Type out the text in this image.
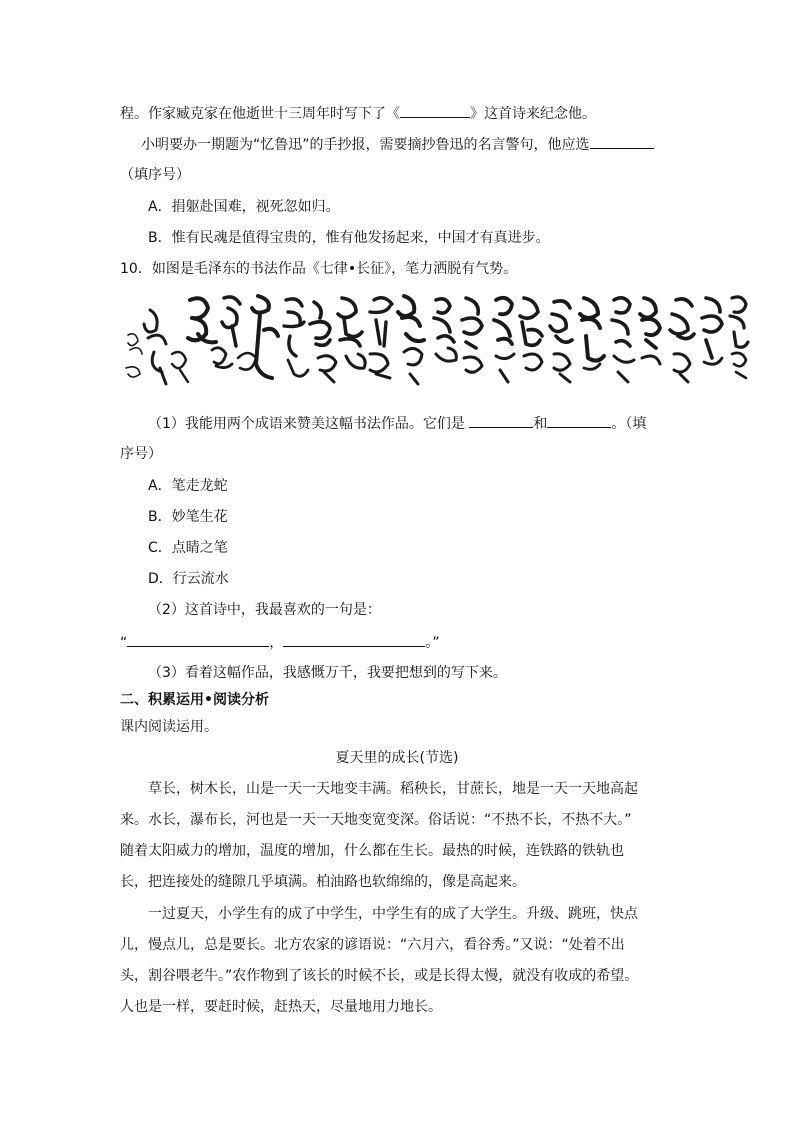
程。作家臧克家在他逝世十三周年时写下了《	》这首诗来纪念他。
小明要办一期题为“忆鲁迅”的手抄报，需要摘抄鲁迅的名言警句，他应选
（填序号）
A．捐躯赴国难，视死忽如归。
B．惟有民魂是值得宝贵的，惟有他发扬起来，中国才有真进步。
10．如图是毛泽东的书法作品《七律•长征》，笔力洒脱有气势。
（1）我能用两个成语来赞美这幅书法作品。它们是	和	。（填
序号）
A．笔走龙蛇
B．妙笔生花
C．点睛之笔
D．行云流水
（2）这首诗中，我最喜欢的一句是：
“	，	。”
（3）看着这幅作品，我感慨万千，我要把想到的写下来。
二、积累运用•阅读分析
课内阅读运用。
夏天里的成长(节选)
草长，树木长，山是一天一天地变丰满。稻秧长，甘蔗长，地是一天一天地高起
来。水长，瀑布长，河也是一天一天地变宽变深。俗话说：“不热不长，不热不大。”
随着太阳威力的增加，温度的增加，什么都在生长。最热的时候，连铁路的铁轨也
长，把连接处的缝隙几乎填满。柏油路也软绵绵的，像是高起来。
一过夏天，小学生有的成了中学生，中学生有的成了大学生。升级、跳班，快点
儿，慢点儿，总是要长。北方农家的谚语说：“六月六，看谷秀。”又说：“处着不出
头，割谷喂老牛。”农作物到了该长的时候不长，或是长得太慢，就没有收成的希望。
人也是一样，要赶时候，赶热天，尽量地用力地长。
